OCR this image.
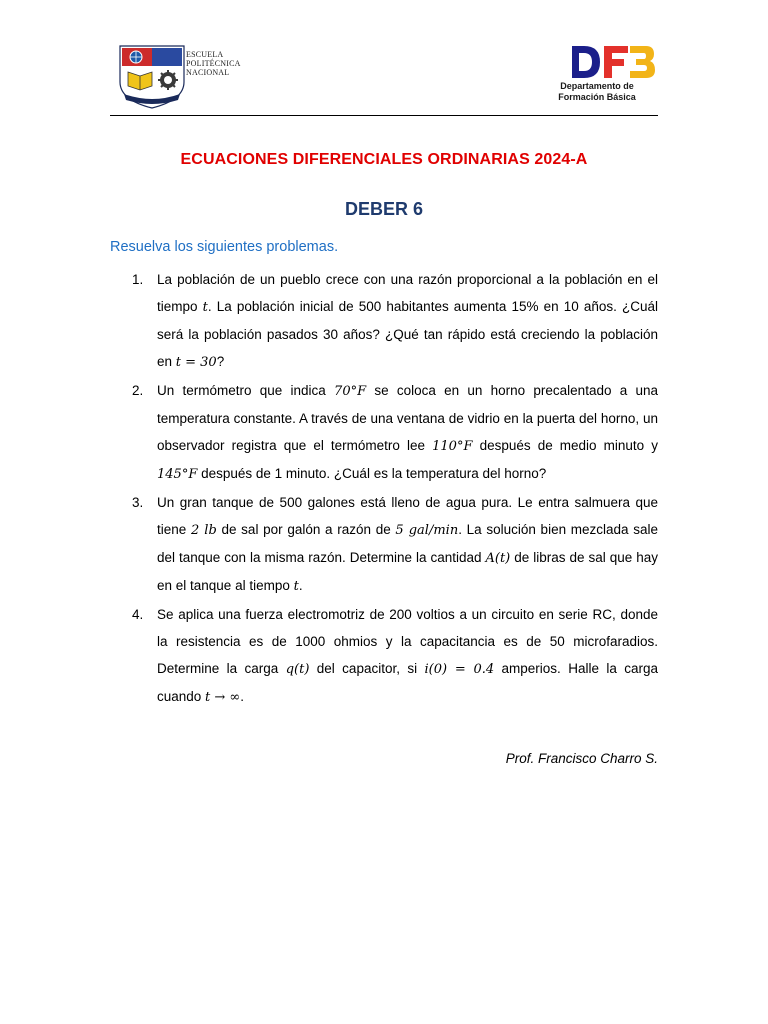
ESCUELA
POLITÉCNICA
NACIONAL
Departamento de
Formación Básica
ECUACIONES DIFERENCIALES ORDINARIAS 2024-A
DEBER 6
Resuelva los siguientes problemas.
1. La población de un pueblo crece con una razón proporcional a la población en el tiempo 𝑡. La población inicial de 500 habitantes aumenta 15% en 10 años. ¿Cuál será la población pasados 30 años? ¿Qué tan rápido está creciendo la población en 𝑡 = 30?
2. Un termómetro que indica 70°𝐹 se coloca en un horno precalentado a una temperatura constante. A través de una ventana de vidrio en la puerta del horno, un observador registra que el termómetro lee 110°𝐹 después de medio minuto y 145°𝐹 después de 1 minuto. ¿Cuál es la temperatura del horno?
3. Un gran tanque de 500 galones está lleno de agua pura. Le entra salmuera que tiene 2 𝑙𝑏 de sal por galón a razón de 5 𝑔𝑎𝑙/𝑚𝑖𝑛. La solución bien mezclada sale del tanque con la misma razón. Determine la cantidad 𝐴(𝑡) de libras de sal que hay en el tanque al tiempo 𝑡.
4. Se aplica una fuerza electromotriz de 200 voltios a un circuito en serie RC, donde la resistencia es de 1000 ohmios y la capacitancia es de 50 microfaradios. Determine la carga 𝑞(𝑡) del capacitor, si 𝑖(0) = 0.4 amperios. Halle la carga cuando 𝑡 → ∞.
Prof. Francisco Charro S.
